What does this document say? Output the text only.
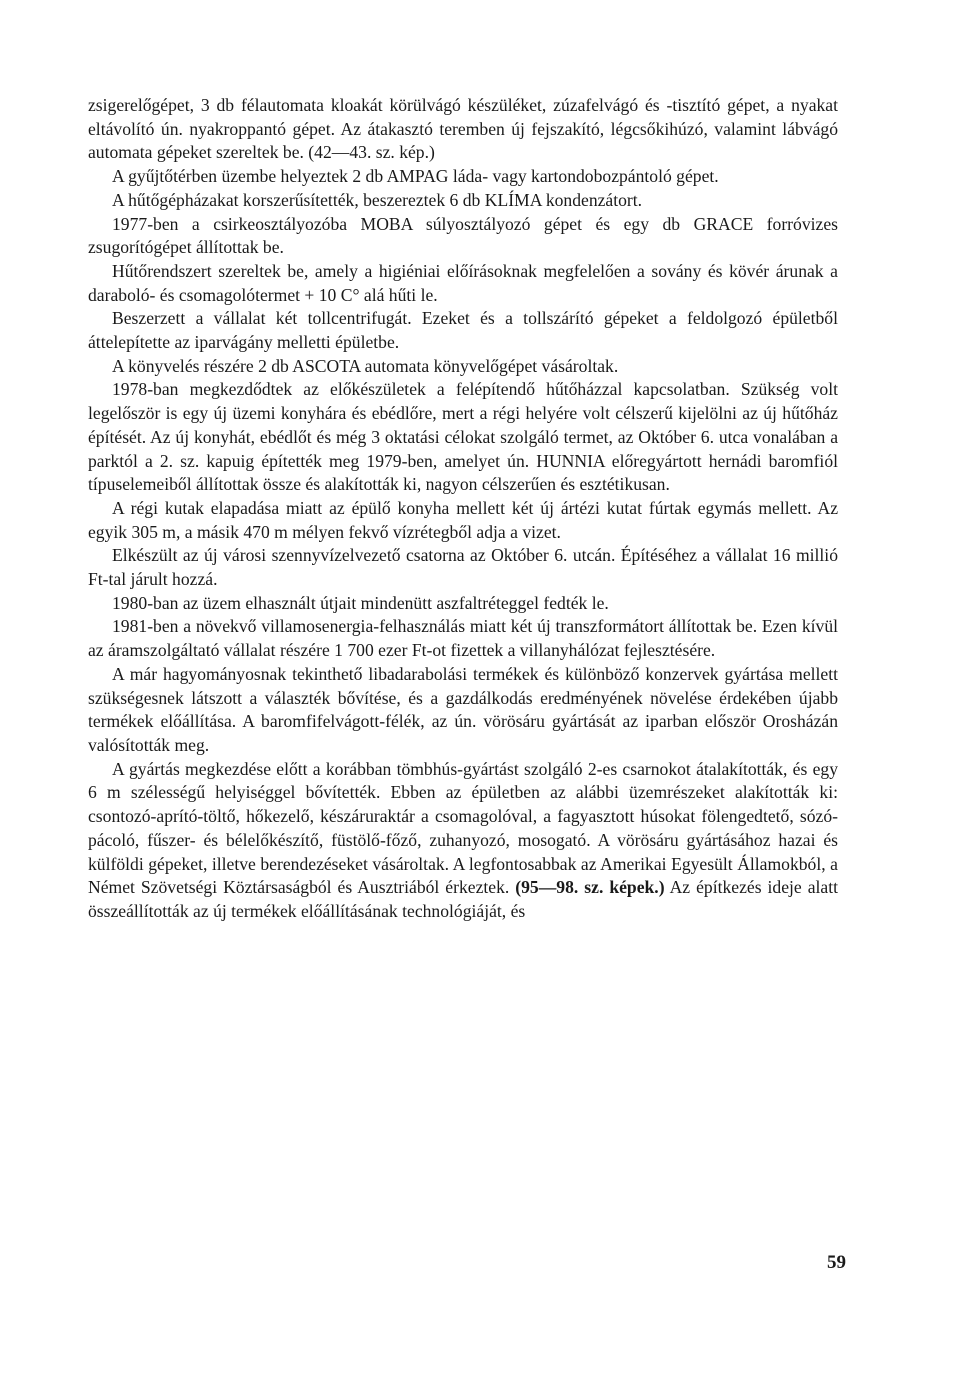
zsigerelőgépet, 3 db félautomata kloakát körülvágó készüléket, zúzafelvágó és -tisztító gépet, a nyakat eltávolító ún. nyakroppantó gépet. Az átakasztó teremben új fejszakító, légcsőkihúzó, valamint lábvágó automata gépeket szereltek be. (42—43. sz. kép.)

A gyűjtőtérben üzembe helyeztek 2 db AMPAG láda- vagy kartondobozpántoló gépet.

A hűtőgépházakat korszerűsítették, beszereztek 6 db KLÍMA kondenzátort.

1977-ben a csirkeosztályozóba MOBA súlyosztályozó gépet és egy db GRACE forróvizes zsugorítógépet állítottak be.

Hűtőrendszert szereltek be, amely a higiéniai előírásoknak megfelelően a sovány és kövér árunak a daraboló- és csomagolótermet + 10 C° alá hűti le.

Beszerzett a vállalat két tollcentrifugát. Ezeket és a tollszárító gépeket a feldolgozó épületből áttelepítette az iparvágány melletti épületbe.

A könyvelés részére 2 db ASCOTA automata könyvelőgépet vásároltak.

1978-ban megkezdődtek az előkészületek a felépítendő hűtőházzal kapcsolatban. Szükség volt legelőször is egy új üzemi konyhára és ebédlőre, mert a régi helyére volt célszerű kijelölni az új hűtőház építését. Az új konyhát, ebédlőt és még 3 oktatási célokat szolgáló termet, az Október 6. utca vonalában a parktól a 2. sz. kapuig építették meg 1979-ben, amelyet ún. HUNNIA előregyártott hernádi baromfiól típuselemeiből állítottak össze és alakították ki, nagyon célszerűen és esztétikusan.

A régi kutak elapadása miatt az épülő konyha mellett két új ártézi kutat fúrtak egymás mellett. Az egyik 305 m, a másik 470 m mélyen fekvő vízrétegből adja a vizet.

Elkészült az új városi szennyvízelvezető csatorna az Október 6. utcán. Építéséhez a vállalat 16 millió Ft-tal járult hozzá.

1980-ban az üzem elhasznált útjait mindenütt aszfaltréteggel fedték le.

1981-ben a növekvő villamosenergia-felhasználás miatt két új transzformátort állítottak be. Ezen kívül az áramszolgáltató vállalat részére 1 700 ezer Ft-ot fizettek a villanyhálózat fejlesztésére.

A már hagyományosnak tekinthető libadarabolási termékek és különböző konzervek gyártása mellett szükségesnek látszott a választék bővítése, és a gazdálkodás eredményének növelése érdekében újabb termékek előállítása. A baromfifelvágott-félék, az ún. vörösáru gyártását az iparban először Orosházán valósították meg.

A gyártás megkezdése előtt a korábban tömbhús-gyártást szolgáló 2-es csarnokot átalakították, és egy 6 m szélességű helyiséggel bővítették. Ebben az épületben az alábbi üzemrészeket alakították ki: csontozó-aprító-töltő, hőkezelő, készáruraktár a csomagolóval, a fagyasztott húsokat fölengedtető, sózó-pácoló, fűszer- és bélelőkészítő, füstölő-főző, zuhanyozó, mosogató. A vörösáru gyártásához hazai és külföldi gépeket, illetve berendezéseket vásároltak. A legfontosabbak az Amerikai Egyesült Államokból, a Német Szövetségi Köztársaságból és Ausztriából érkeztek. (95—98. sz. képek.) Az építkezés ideje alatt összeállították az új termékek előállításának technológiáját, és

59
